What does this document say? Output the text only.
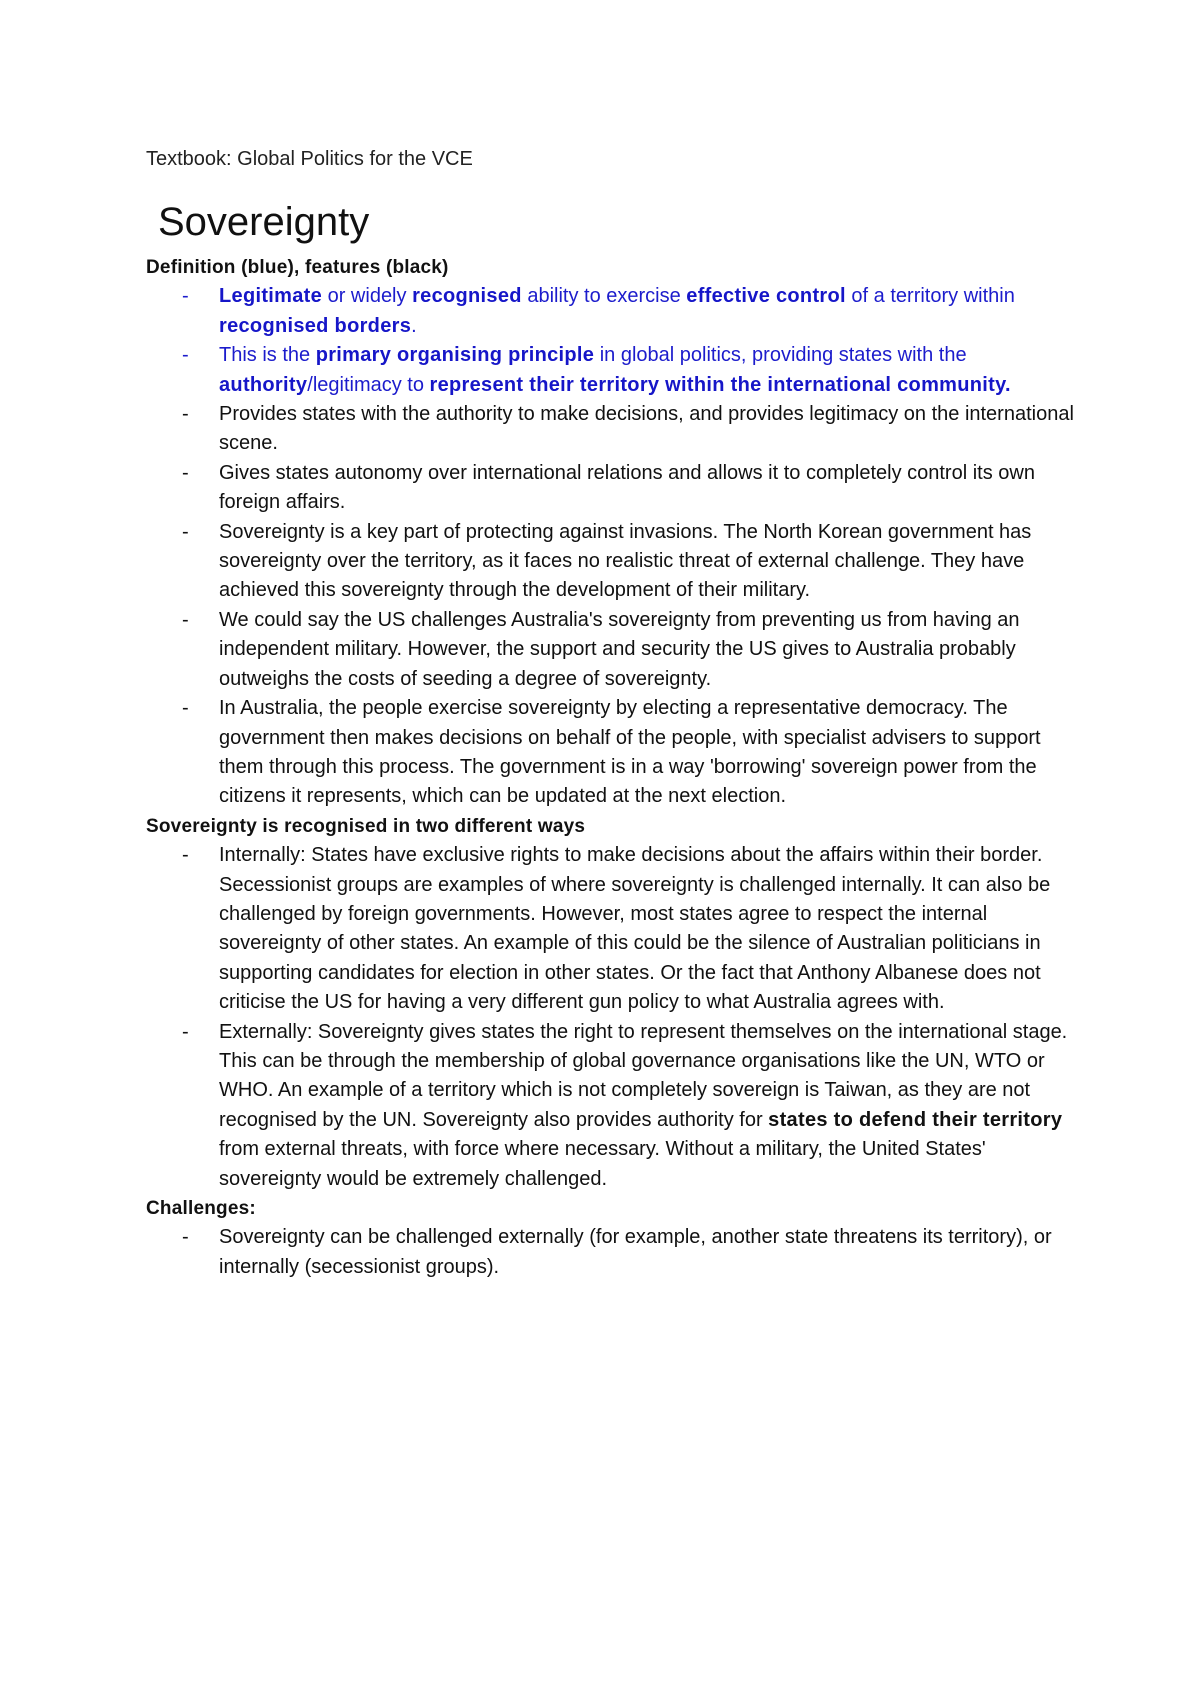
Textbook: Global Politics for the VCE

Sovereignty

Definition (blue), features (black)

- Legitimate or widely recognised ability to exercise effective control of a territory within recognised borders.
- This is the primary organising principle in global politics, providing states with the authority/legitimacy to represent their territory within the international community.
- Provides states with the authority to make decisions, and provides legitimacy on the international scene.
- Gives states autonomy over international relations and allows it to completely control its own foreign affairs.
- Sovereignty is a key part of protecting against invasions. The North Korean government has sovereignty over the territory, as it faces no realistic threat of external challenge. They have achieved this sovereignty through the development of their military.
- We could say the US challenges Australia's sovereignty from preventing us from having an independent military. However, the support and security the US gives to Australia probably outweighs the costs of seeding a degree of sovereignty.
- In Australia, the people exercise sovereignty by electing a representative democracy. The government then makes decisions on behalf of the people, with specialist advisers to support them through this process. The government is in a way 'borrowing' sovereign power from the citizens it represents, which can be updated at the next election.

Sovereignty is recognised in two different ways

- Internally: States have exclusive rights to make decisions about the affairs within their border. Secessionist groups are examples of where sovereignty is challenged internally. It can also be challenged by foreign governments. However, most states agree to respect the internal sovereignty of other states. An example of this could be the silence of Australian politicians in supporting candidates for election in other states. Or the fact that Anthony Albanese does not criticise the US for having a very different gun policy to what Australia agrees with.
- Externally: Sovereignty gives states the right to represent themselves on the international stage. This can be through the membership of global governance organisations like the UN, WTO or WHO. An example of a territory which is not completely sovereign is Taiwan, as they are not recognised by the UN. Sovereignty also provides authority for states to defend their territory from external threats, with force where necessary. Without a military, the United States' sovereignty would be extremely challenged.

Challenges:

- Sovereignty can be challenged externally (for example, another state threatens its territory), or internally (secessionist groups).
